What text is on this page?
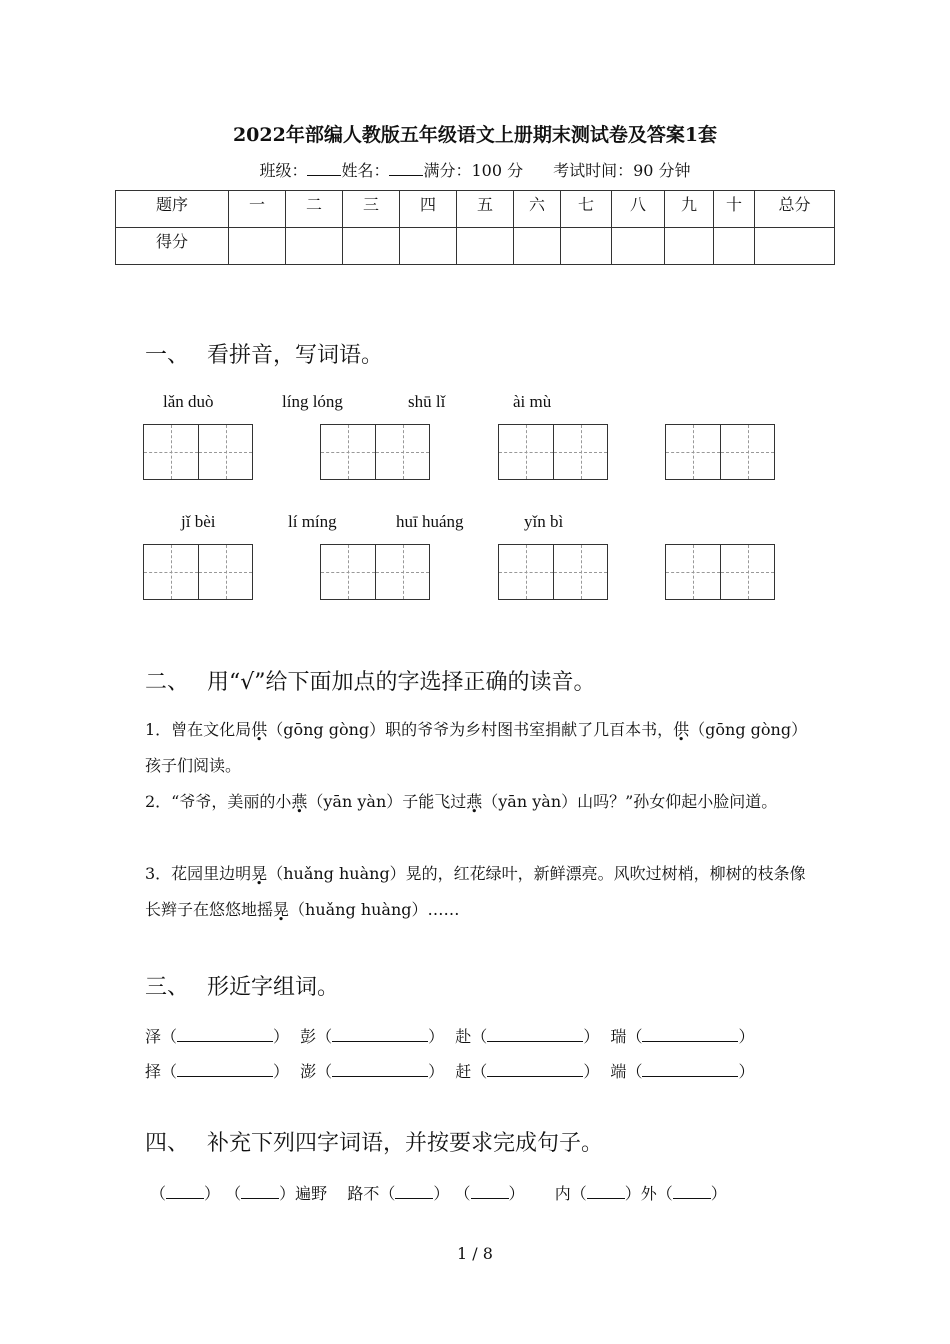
2022年部编人教版五年级语文上册期末测试卷及答案1套
班级： 姓名： 满分：100 分 考试时间：90 分钟
题序	一	二	三	四	五	六	七	八	九	十	总分
得分											
一、 看拼音，写词语。
lǎn duò	líng lóng	shū lǐ	ài mù
jǐ bèi	lí míng	huī huáng	yǐn bì
二、 用“√”给下面加点的字选择正确的读音。
1．曾在文化局供（gōng gòng）职的爷爷为乡村图书室捐献了几百本书，供（gōng gòng）孩子们阅读。
2．“爷爷，美丽的小燕（yān yàn）子能飞过燕（yān yàn）山吗？”孙女仰起小脸问道。
3．花园里边明晃（huǎng huàng）晃的，红花绿叶，新鲜漂亮。风吹过树梢，柳树的枝条像长辫子在悠悠地摇晃（huǎng huàng）……
三、 形近字组词。
泽（	） 彭（	） 赴（	） 瑞（	）
择（	） 澎（	） 赶（	） 端（	）
四、 补充下列四字词语，并按要求完成句子。
（ ） （ ）遍野 路不（ ） （ ） 内（ ）外（ ）
1 / 8
